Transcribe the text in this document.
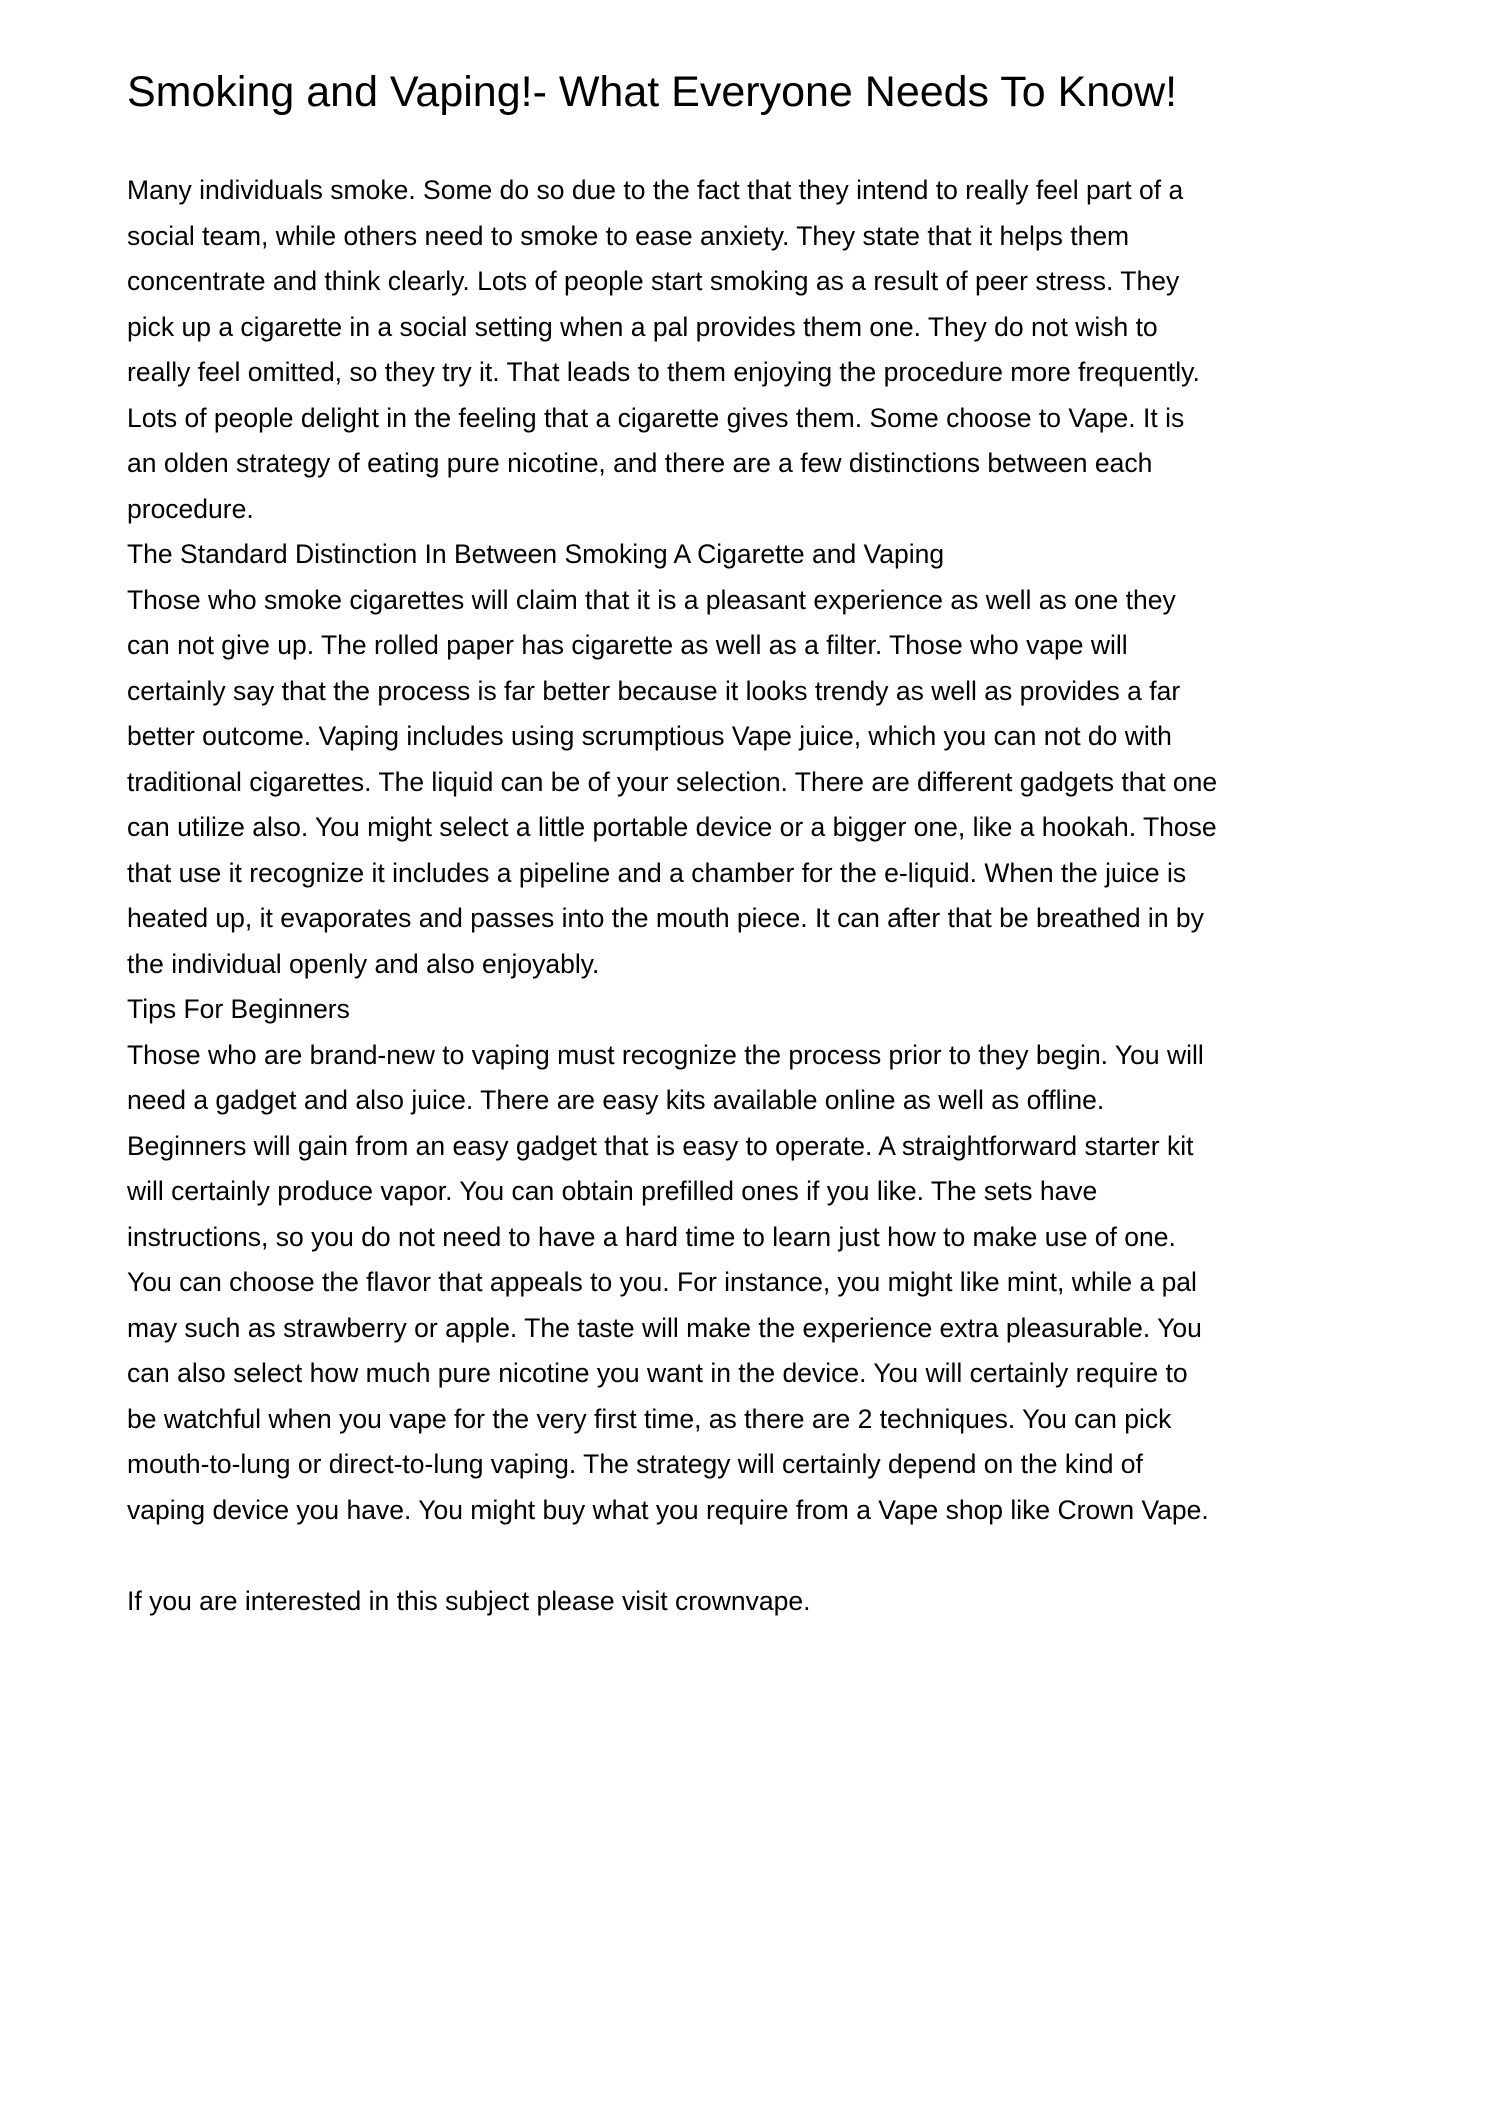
Smoking and Vaping!- What Everyone Needs To Know!
Many individuals smoke. Some do so due to the fact that they intend to really feel part of a
social team, while others need to smoke to ease anxiety. They state that it helps them
concentrate and think clearly. Lots of people start smoking as a result of peer stress. They
pick up a cigarette in a social setting when a pal provides them one. They do not wish to
really feel omitted, so they try it. That leads to them enjoying the procedure more frequently.
Lots of people delight in the feeling that a cigarette gives them. Some choose to Vape. It is
an olden strategy of eating pure nicotine, and there are a few distinctions between each
procedure.
The Standard Distinction In Between Smoking A Cigarette and Vaping
Those who smoke cigarettes will claim that it is a pleasant experience as well as one they
can not give up. The rolled paper has cigarette as well as a filter. Those who vape will
certainly say that the process is far better because it looks trendy as well as provides a far
better outcome. Vaping includes using scrumptious Vape juice, which you can not do with
traditional cigarettes. The liquid can be of your selection. There are different gadgets that one
can utilize also. You might select a little portable device or a bigger one, like a hookah. Those
that use it recognize it includes a pipeline and a chamber for the e-liquid. When the juice is
heated up, it evaporates and passes into the mouth piece. It can after that be breathed in by
the individual openly and also enjoyably.
Tips For Beginners
Those who are brand-new to vaping must recognize the process prior to they begin. You will
need a gadget and also juice. There are easy kits available online as well as offline.
Beginners will gain from an easy gadget that is easy to operate. A straightforward starter kit
will certainly produce vapor. You can obtain prefilled ones if you like. The sets have
instructions, so you do not need to have a hard time to learn just how to make use of one.
You can choose the flavor that appeals to you. For instance, you might like mint, while a pal
may such as strawberry or apple. The taste will make the experience extra pleasurable. You
can also select how much pure nicotine you want in the device. You will certainly require to
be watchful when you vape for the very first time, as there are 2 techniques. You can pick
mouth-to-lung or direct-to-lung vaping. The strategy will certainly depend on the kind of
vaping device you have. You might buy what you require from a Vape shop like Crown Vape.
If you are interested in this subject please visit crownvape.
